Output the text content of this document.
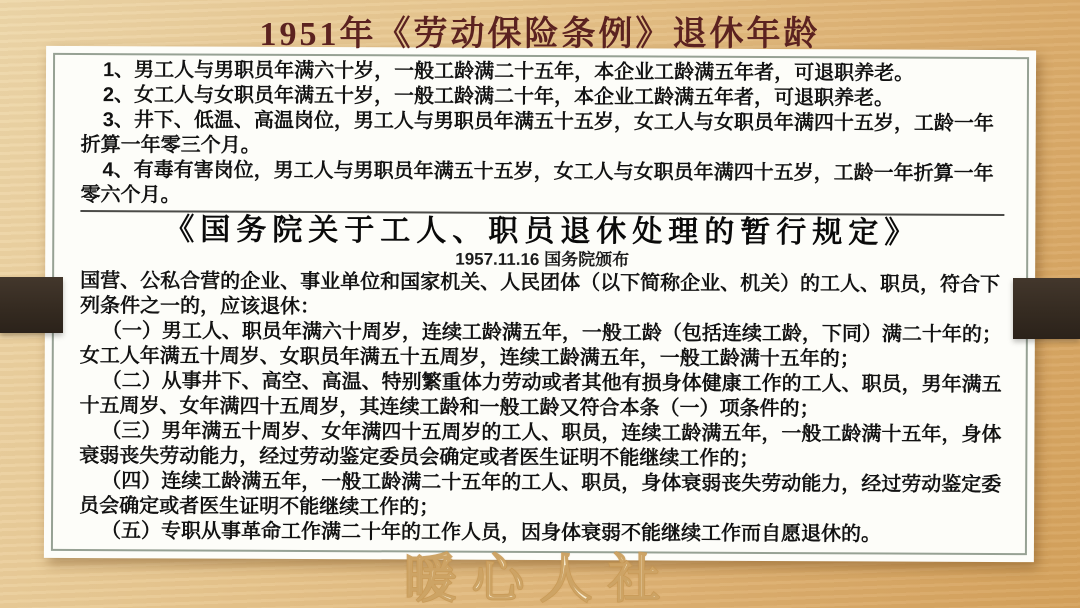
1951年《劳动保险条例》退休年龄

1、男工人与男职员年满六十岁，一般工龄满二十五年，本企业工龄满五年者，可退职养老。

2、女工人与女职员年满五十岁，一般工龄满二十年，本企业工龄满五年者，可退职养老。

3、井下、低温、高温岗位，男工人与男职员年满五十五岁，女工人与女职员年满四十五岁，工龄一年折算一年零三个月。

4、有毒有害岗位，男工人与男职员年满五十五岁，女工人与女职员年满四十五岁，工龄一年折算一年零六个月。

《国务院关于工人、职员退休处理的暂行规定》
1957.11.16 国务院颁布

国营、公私合营的企业、事业单位和国家机关、人民团体（以下简称企业、机关）的工人、职员，符合下列条件之一的，应该退休：

（一）男工人、职员年满六十周岁，连续工龄满五年，一般工龄（包括连续工龄，下同）满二十年的；女工人年满五十周岁、女职员年满五十五周岁，连续工龄满五年，一般工龄满十五年的；

（二）从事井下、高空、高温、特别繁重体力劳动或者其他有损身体健康工作的工人、职员，男年满五十五周岁、女年满四十五周岁，其连续工龄和一般工龄又符合本条（一）项条件的；

（三）男年满五十周岁、女年满四十五周岁的工人、职员，连续工龄满五年，一般工龄满十五年，身体衰弱丧失劳动能力，经过劳动鉴定委员会确定或者医生证明不能继续工作的；

（四）连续工龄满五年，一般工龄满二十五年的工人、职员，身体衰弱丧失劳动能力，经过劳动鉴定委员会确定或者医生证明不能继续工作的；

（五）专职从事革命工作满二十年的工作人员，因身体衰弱不能继续工作而自愿退休的。

暖心人社
